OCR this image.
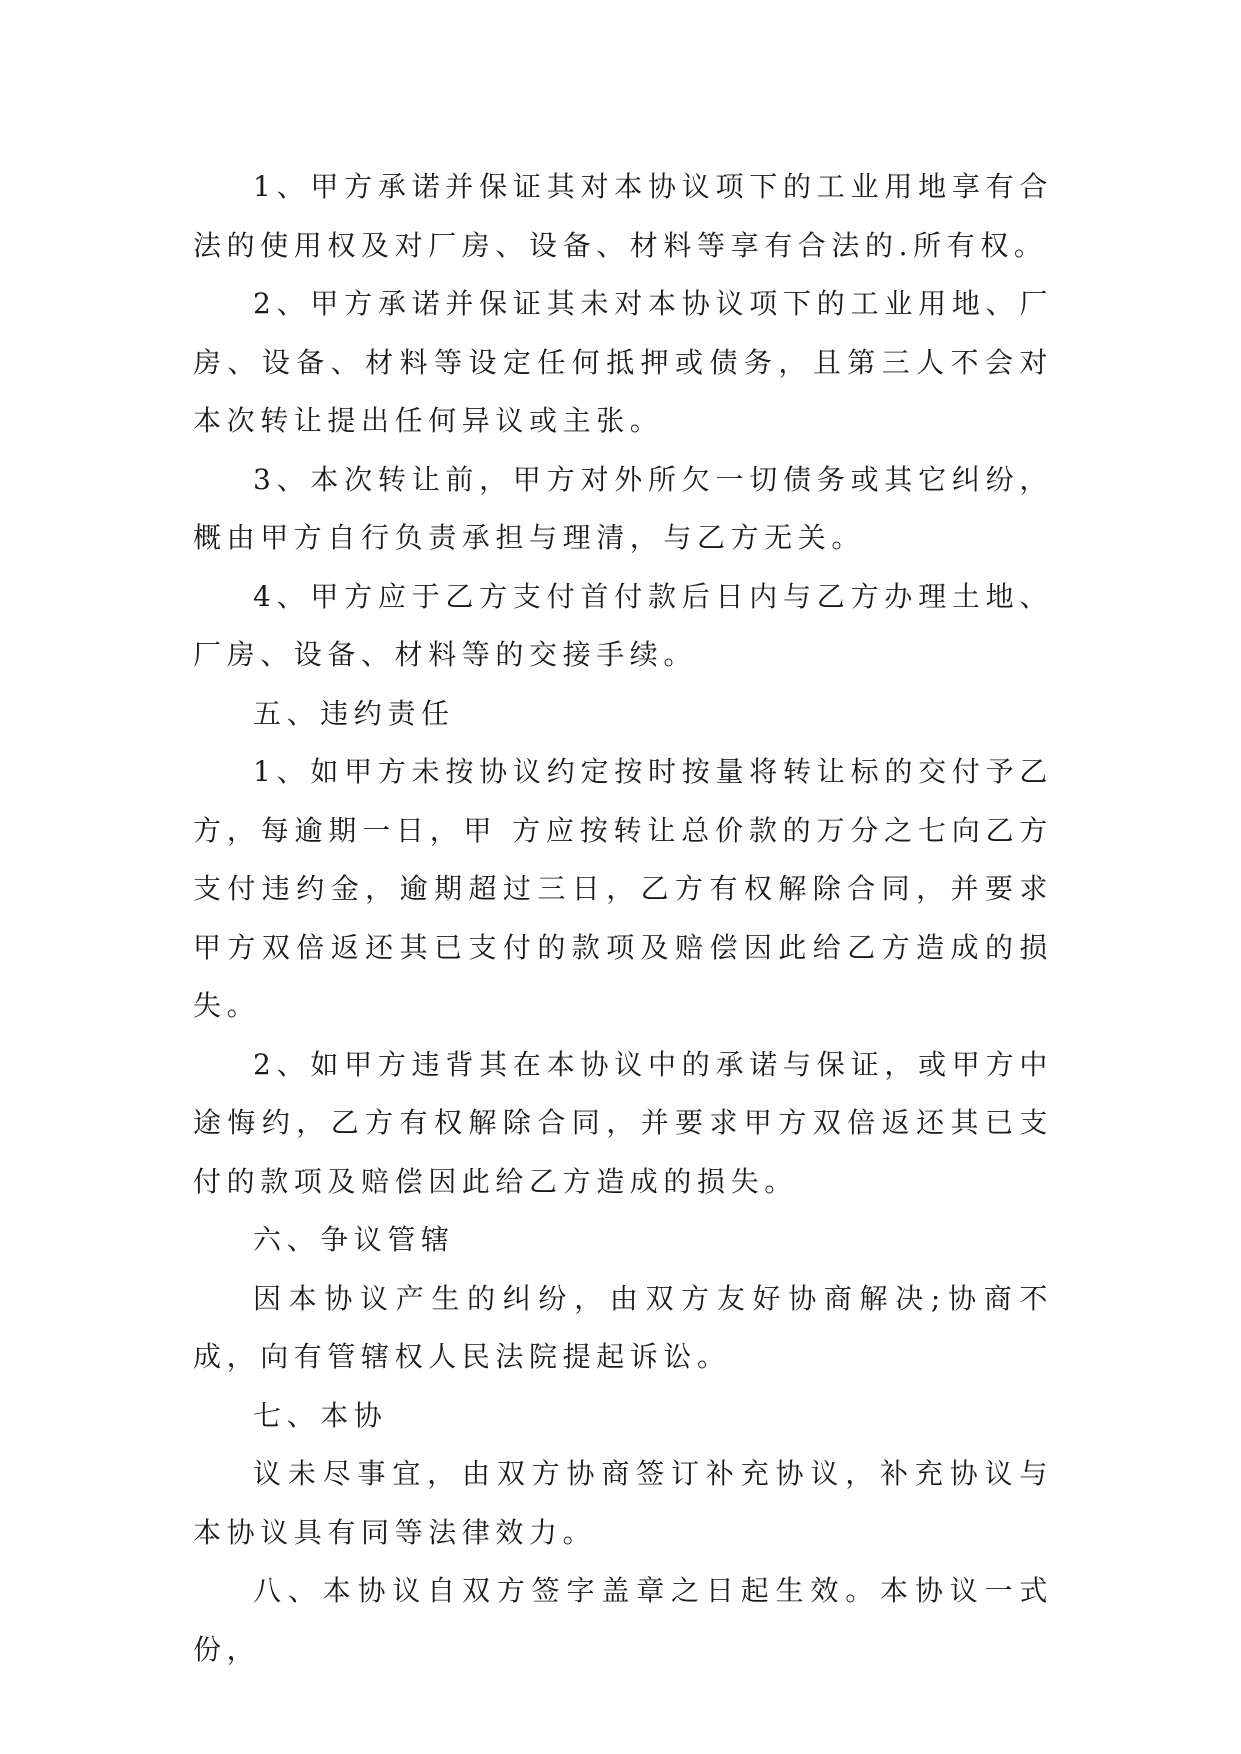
1、甲方承诺并保证其对本协议项下的工业用地享有合法的使用权及对厂房、设备、材料等享有合法的.所有权。

2、甲方承诺并保证其未对本协议项下的工业用地、厂房、设备、材料等设定任何抵押或债务，且第三人不会对本次转让提出任何异议或主张。

3、本次转让前，甲方对外所欠一切债务或其它纠纷，概由甲方自行负责承担与理清，与乙方无关。

4、甲方应于乙方支付首付款后日内与乙方办理土地、厂房、设备、材料等的交接手续。

五、违约责任

1、如甲方未按协议约定按时按量将转让标的交付予乙方，每逾期一日，甲 方应按转让总价款的万分之七向乙方支付违约金，逾期超过三日，乙方有权解除合同，并要求甲方双倍返还其已支付的款项及赔偿因此给乙方造成的损失。

2、如甲方违背其在本协议中的承诺与保证，或甲方中途悔约，乙方有权解除合同，并要求甲方双倍返还其已支付的款项及赔偿因此给乙方造成的损失。

六、争议管辖

因本协议产生的纠纷，由双方友好协商解决;协商不成，向有管辖权人民法院提起诉讼。

七、本协

议未尽事宜，由双方协商签订补充协议，补充协议与本协议具有同等法律效力。

八、本协议自双方签字盖章之日起生效。本协议一式份，
